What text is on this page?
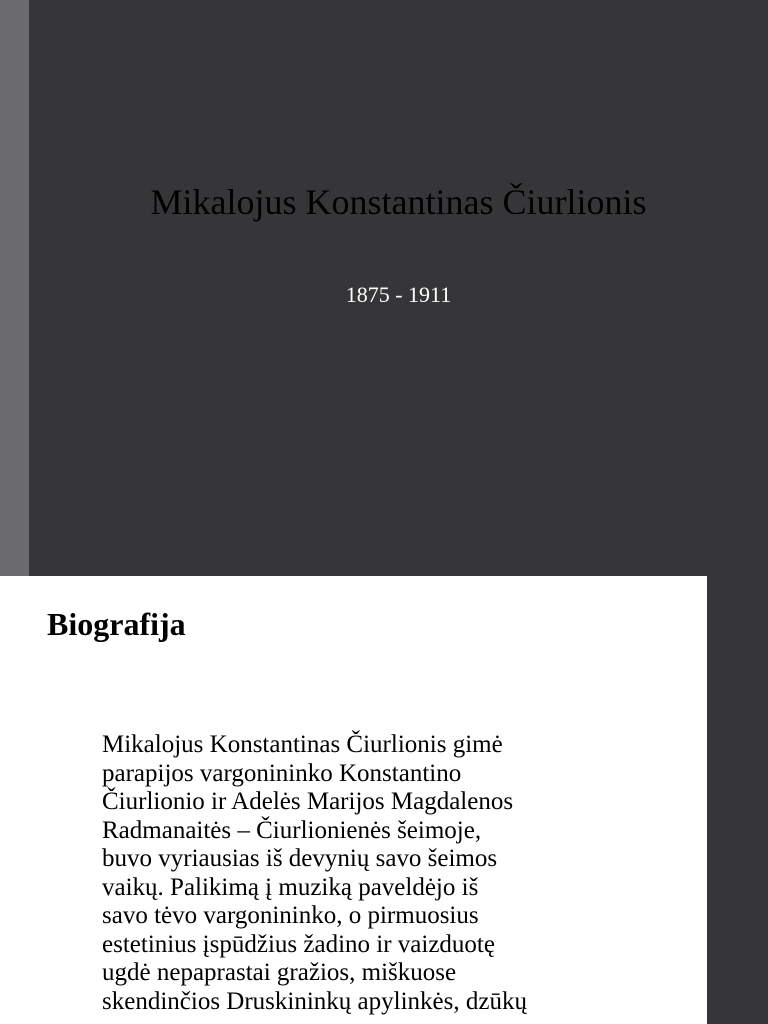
Mikalojus Konstantinas Čiurlionis
1875 - 1911
Biografija

Mikalojus Konstantinas Čiurlionis gimė
parapijos vargonininko Konstantino
Čiurlionio ir Adelės Marijos Magdalenos
Radmanaitės – Čiurlionienės šeimoje,
buvo vyriausias iš devynių savo šeimos
vaikų. Palikimą į muziką paveldėjo iš
savo tėvo vargonininko, o pirmuosius
estetinius įspūdžius žadino ir vaizduotę
ugdė nepaprastai gražios, miškuose
skendinčios Druskininkų apylinkės, dzūkų
